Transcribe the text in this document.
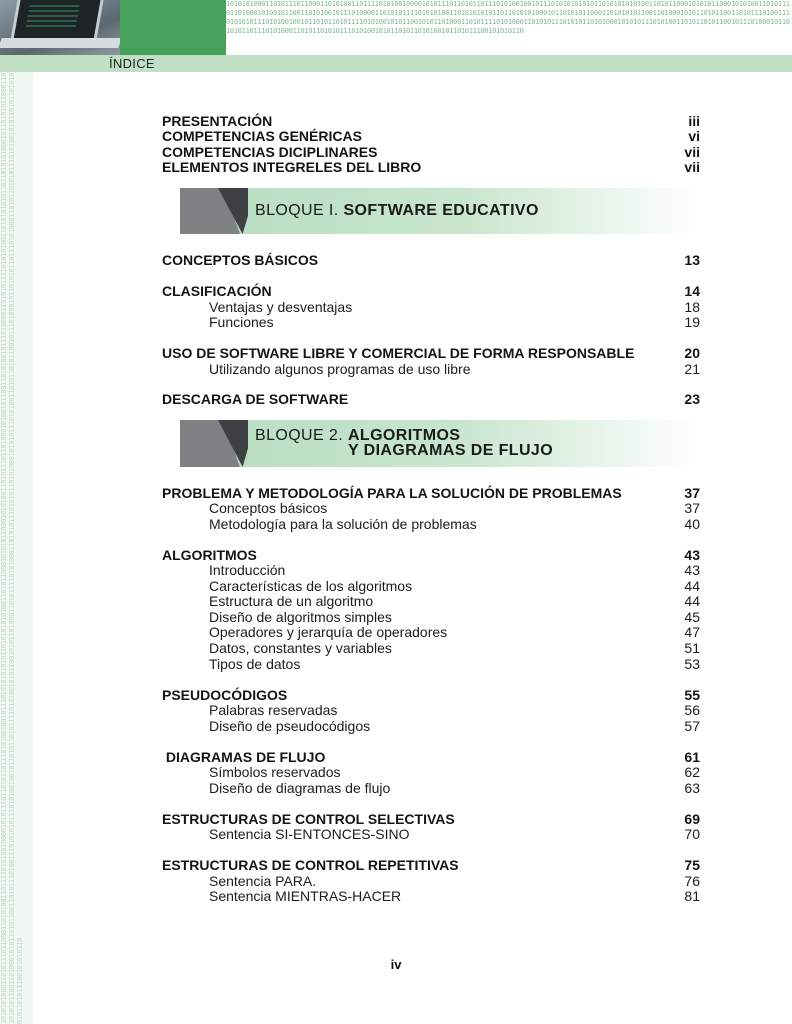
1010101000110101110110001101010011011110101001000010101110110101101110101001001011101010101010110101010101001101011000101010110001010100110101110110100010100101100110101001011101000011010101111010101001101010101011011010101000101101010110001101010101100110100010101101011001101011101001110101010111010100100101101011010111101010010101100101011010001101011110101000110101011101010110101000101010111010100110101101011001011101000101101010110111010100011010110101011101010010101101011010100101101011100101010110
ÍNDICE
1010101000110101110110001101010011011110101001000010101110110101101110101001001011101010101010110101010101001101011000101010110001010100110101110110100010100101100110101001011101000011010101111010101001101010101011011010101000101101010110001101010101100110100010101101011001101011101001110101010111010100100101101011010111101010010101100101011010001101011110101000110101011101010110101000101010111010100110101101011001011101000101101010110111010100011010110101011101010010101101011010100101101011100101010110
PRESENTACIÓN	iii
COMPETENCIAS GENÉRICAS	vi
COMPETENCIAS DICIPLINARES	vii
ELEMENTOS INTEGRELES DEL LIBRO	vii
CONCEPTOS BÁSICOS	13
CLASIFICACIÓN	14
Ventajas y desventajas	18
Funciones	19
USO DE SOFTWARE LIBRE Y COMERCIAL DE FORMA RESPONSABLE	20
Utilizando algunos programas de uso libre	21
DESCARGA DE SOFTWARE	23
PROBLEMA Y METODOLOGÍA PARA LA SOLUCIÓN DE PROBLEMAS	37
Conceptos básicos	37
Metodología para la solución de problemas	40
ALGORITMOS	43
Introducción	43
Características de los algoritmos	44
Estructura de un algoritmo	44
Diseño de algoritmos simples	45
Operadores y jerarquía de operadores	47
Datos, constantes y variables	51
Tipos de datos	53
PSEUDOCÓDIGOS	55
Palabras reservadas	56
Diseño de pseudocódigos	57
DIAGRAMAS DE FLUJO	61
Símbolos reservados	62
Diseño de diagramas de flujo	63
ESTRUCTURAS DE CONTROL SELECTIVAS	69
Sentencia SI-ENTONCES-SINO	70
ESTRUCTURAS DE CONTROL REPETITIVAS	75
Sentencia PARA.	76
Sentencia MIENTRAS-HACER	81
BLOQUE I. SOFTWARE EDUCATIVO
BLOQUE 2. ALGORITMOS
Y DIAGRAMAS DE FLUJO
iv
